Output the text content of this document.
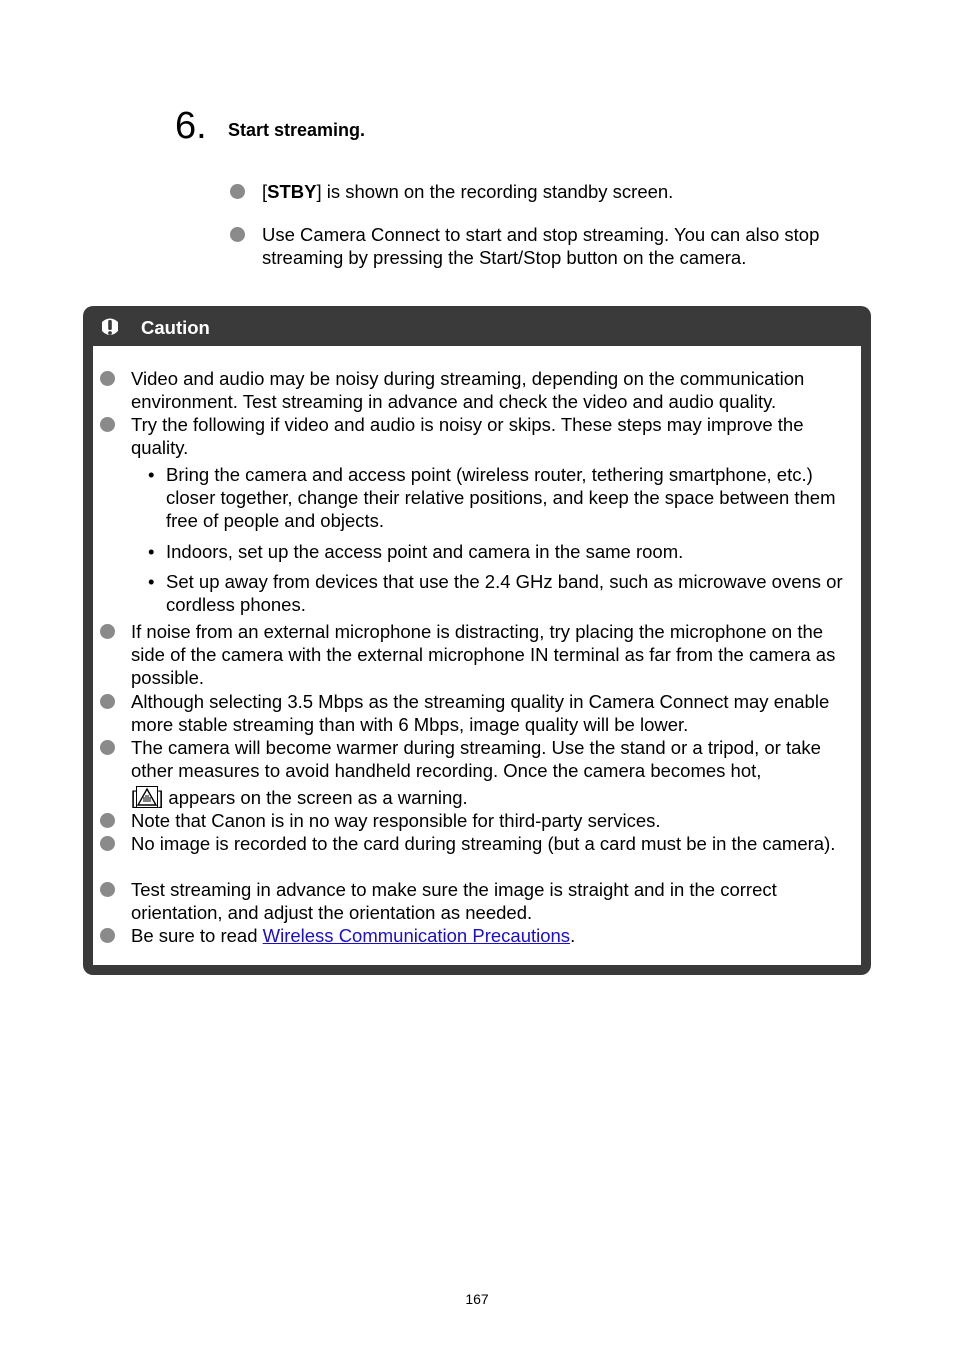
6. Start streaming.
[STBY] is shown on the recording standby screen.
Use Camera Connect to start and stop streaming. You can also stop streaming by pressing the Start/Stop button on the camera.
Caution
Video and audio may be noisy during streaming, depending on the communication environment. Test streaming in advance and check the video and audio quality.
Try the following if video and audio is noisy or skips. These steps may improve the quality.
• Bring the camera and access point (wireless router, tethering smartphone, etc.) closer together, change their relative positions, and keep the space between them free of people and objects.
• Indoors, set up the access point and camera in the same room.
• Set up away from devices that use the 2.4 GHz band, such as microwave ovens or cordless phones.
If noise from an external microphone is distracting, try placing the microphone on the side of the camera with the external microphone IN terminal as far from the camera as possible.
Although selecting 3.5 Mbps as the streaming quality in Camera Connect may enable more stable streaming than with 6 Mbps, image quality will be lower.
The camera will become warmer during streaming. Use the stand or a tripod, or take other measures to avoid handheld recording. Once the camera becomes hot,
[ ] appears on the screen as a warning.
Note that Canon is in no way responsible for third-party services.
No image is recorded to the card during streaming (but a card must be in the camera).
Test streaming in advance to make sure the image is straight and in the correct orientation, and adjust the orientation as needed.
Be sure to read Wireless Communication Precautions.
167
